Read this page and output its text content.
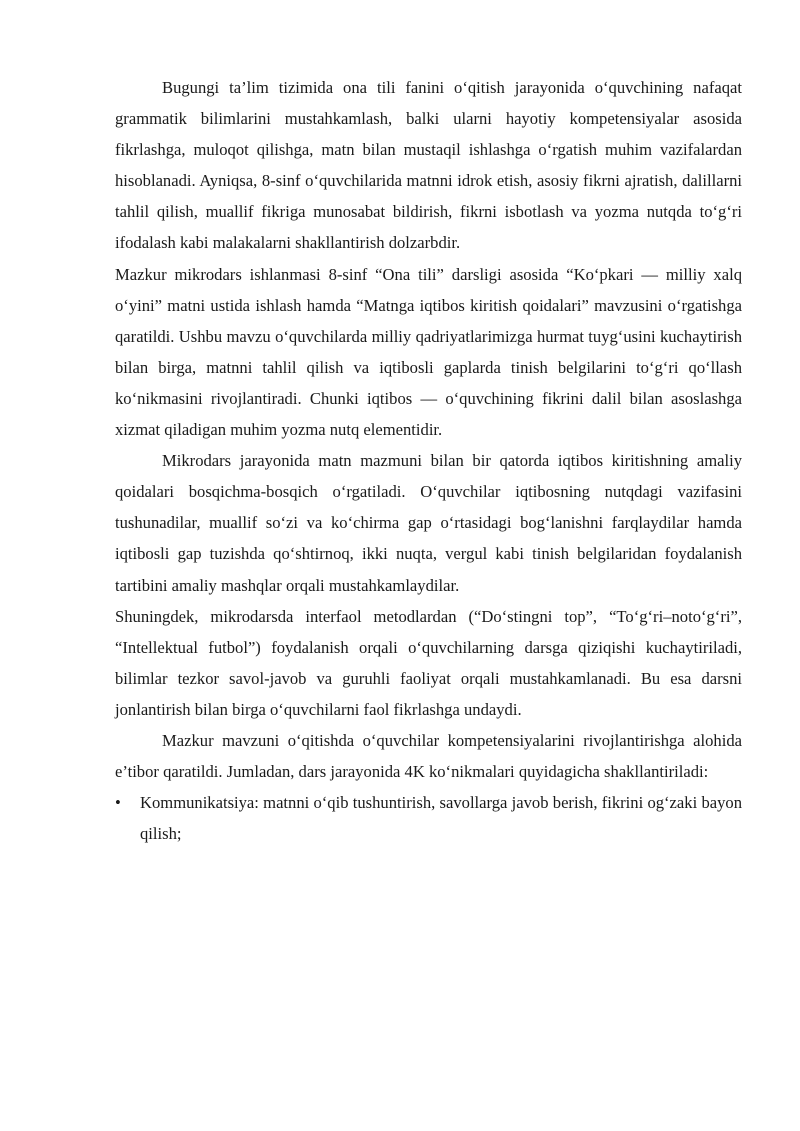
Bugungi ta’lim tizimida ona tili fanini o‘qitish jarayonida o‘quvchining nafaqat grammatik bilimlarini mustahkamlash, balki ularni hayotiy kompetensiyalar asosida fikrlashga, muloqot qilishga, matn bilan mustaqil ishlashga o‘rgatish muhim vazifalardan hisoblanadi. Ayniqsa, 8-sinf o‘quvchilarida matnni idrok etish, asosiy fikrni ajratish, dalillarni tahlil qilish, muallif fikriga munosabat bildirish, fikrni isbotlash va yozma nutqda to‘g‘ri ifodalash kabi malakalarni shakllantirish dolzarbdir.

Mazkur mikrodars ishlanmasi 8-sinf “Ona tili” darsligi asosida “Ko‘pkari — milliy xalq o‘yini” matni ustida ishlash hamda “Matnga iqtibos kiritish qoidalari” mavzusini o‘rgatishga qaratildi. Ushbu mavzu o‘quvchilarda milliy qadriyatlarimizga hurmat tuyg‘usini kuchaytirish bilan birga, matnni tahlil qilish va iqtibosli gaplarda tinish belgilarini to‘g‘ri qo‘llash ko‘nikmasini rivojlantiradi. Chunki iqtibos — o‘quvchining fikrini dalil bilan asoslashga xizmat qiladigan muhim yozma nutq elementidir.

Mikrodars jarayonida matn mazmuni bilan bir qatorda iqtibos kiritishning amaliy qoidalari bosqichma-bosqich o‘rgatiladi. O‘quvchilar iqtibosning nutqdagi vazifasini tushunadilar, muallif so‘zi va ko‘chirma gap o‘rtasidagi bog‘lanishni farqlaydilar hamda iqtibosli gap tuzishda qo‘shtirnoq, ikki nuqta, vergul kabi tinish belgilaridan foydalanish tartibini amaliy mashqlar orqali mustahkamlaydilar.

Shuningdek, mikrodarsda interfaol metodlardan (“Do‘stingni top”, “To‘g‘ri–noto‘g‘ri”, “Intellektual futbol”) foydalanish orqali o‘quvchilarning darsga qiziqishi kuchaytiriladi, bilimlar tezkor savol-javob va guruhli faoliyat orqali mustahkamlanadi. Bu esa darsni jonlantirish bilan birga o‘quvchilarni faol fikrlashga undaydi.

Mazkur mavzuni o‘qitishda o‘quvchilar kompetensiyalarini rivojlantirishga alohida e’tibor qaratildi. Jumladan, dars jarayonida 4K ko‘nikmalari quyidagicha shakllantiriladi:

• Kommunikatsiya: matnni o‘qib tushuntirish, savollarga javob berish, fikrini og‘zaki bayon qilish;
